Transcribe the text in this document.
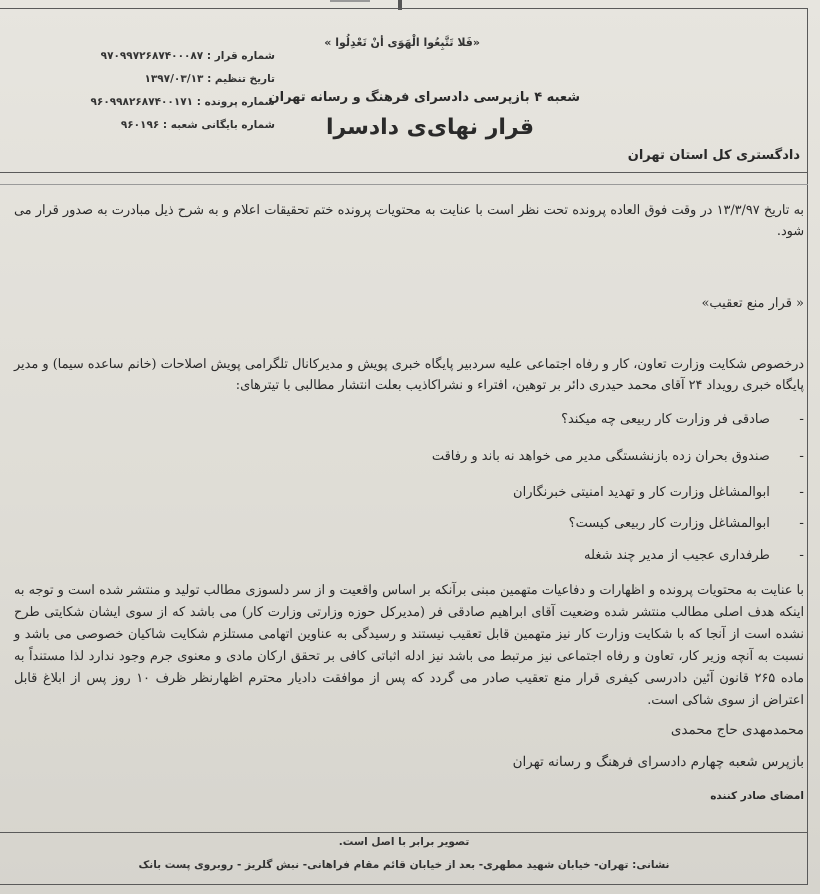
«فَلا تَتَّبِعُوا الْهَوَی أنْ تَعْدِلُوا »
شعبه ۴ بازپرسی دادسرای فرهنگ و رسانه تهران
قرار نهای‌ی دادسرا
دادگستری کل استان تهران
شماره قرار : ۹۷۰۹۹۷۲۶۸۷۴۰۰۰۸۷
تاریخ تنظیم : ۱۳۹۷/۰۳/۱۳
شماره پرونده : ۹۶۰۹۹۸۲۶۸۷۴۰۰۱۷۱
شماره بایگانی شعبه : ۹۶۰۱۹۶
به تاریخ ۱۳/۳/۹۷ در وقت فوق العاده پرونده تحت نظر است با عنایت به محتویات پرونده ختم تحقیقات اعلام و به شرح ذیل مبادرت به صدور قرار می شود.
« قرار منع تعقیب»
درخصوص شکایت وزارت تعاون، کار و رفاه اجتماعی علیه سردبیر پایگاه خبری پویش و مدیرکانال تلگرامی پویش اصلاحات (خانم ساعده سیما) و مدیر پایگاه خبری رویداد ۲۴ آقای محمد حیدری دائر بر توهین، افتراء و نشراکاذیب بعلت انتشار مطالبی با تیترهای:
- صادقی فر وزارت کار ربیعی چه میکند؟
- صندوق بحران زده بازنشستگی مدیر می خواهد نه باند و رفاقت
- ابوالمشاغل وزارت کار و تهدید امنیتی خبرنگاران
- ابوالمشاغل وزارت کار ربیعی کیست؟
- طرفداری عجیب از مدیر چند شغله
با عنایت به محتویات پرونده و اظهارات و دفاعیات متهمین مبنی برآنکه بر اساس واقعیت و از سر دلسوزی مطالب تولید و منتشر شده است و توجه به اینکه هدف اصلی مطالب منتشر شده وضعیت آقای ابراهیم صادقی فر (مدیرکل حوزه وزارتی وزارت کار) می باشد که از سوی ایشان شکایتی طرح نشده است از آنجا که با شکایت وزارت کار نیز متهمین قابل تعقیب نیستند و رسیدگی به عناوین اتهامی مستلزم شکایت شاکیان خصوصی می باشد و نسبت به آنچه وزیر کار، تعاون و رفاه اجتماعی نیز مرتبط می باشد نیز ادله اثباتی کافی بر تحقق ارکان مادی و معنوی جرم وجود ندارد لذا مستنداً به ماده ۲۶۵ قانون آئین دادرسی کیفری قرار منع تعقیب صادر می گردد که پس از موافقت دادیار محترم اظهارنظر ظرف ۱۰ روز پس از ابلاغ قابل اعتراض از سوی شاکی است.
محمدمهدی حاج محمدی
بازپرس شعبه چهارم دادسرای فرهنگ و رسانه تهران
امضای صادر کننده
تصویر برابر با اصل است.
نشانی: تهران- خیابان شهید مطهری- بعد از خیابان قائم مقام فراهانی- نبش گلریز - روبروی پست بانک
